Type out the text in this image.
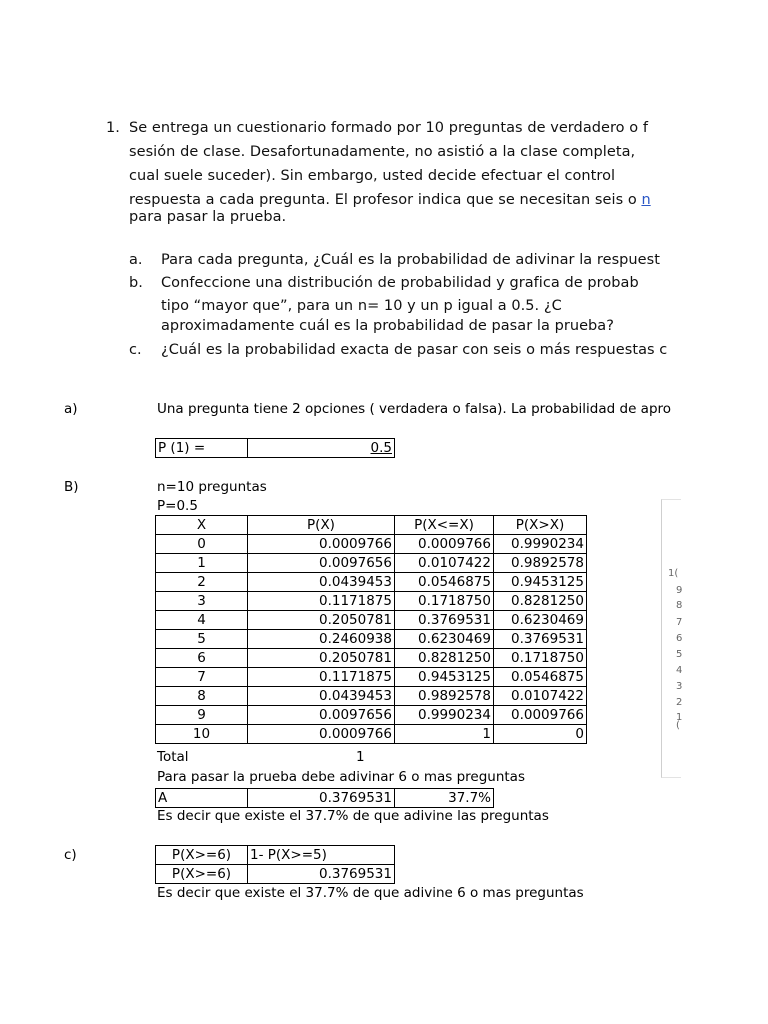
1. Se entrega un cuestionario formado por 10 preguntas de verdadero o f
sesión de clase. Desafortunadamente, no asistió a la clase completa,
cual suele suceder). Sin embargo, usted decide efectuar el control
respuesta a cada pregunta. El profesor indica que se necesitan seis o n
para pasar la prueba.
a. Para cada pregunta, ¿Cuál es la probabilidad de adivinar la respuest
b. Confeccione una distribución de probabilidad y grafica de probab
tipo “mayor que”, para un n= 10 y un p igual a 0.5. ¿C
aproximadamente cuál es la probabilidad de pasar la prueba?
c. ¿Cuál es la probabilidad exacta de pasar con seis o más respuestas c
a)	Una pregunta tiene 2 opciones ( verdadera o falsa). La probabilidad de apro
P (1) =	0.5
B)	n=10 preguntas
P=0.5
X	P(X)	P(X<=X)	P(X>X)
0	0.0009766	0.0009766	0.9990234
1	0.0097656	0.0107422	0.9892578
2	0.0439453	0.0546875	0.9453125
3	0.1171875	0.1718750	0.8281250
4	0.2050781	0.3769531	0.6230469
5	0.2460938	0.6230469	0.3769531
6	0.2050781	0.8281250	0.1718750
7	0.1171875	0.9453125	0.0546875
8	0.0439453	0.9892578	0.0107422
9	0.0097656	0.9990234	0.0009766
10	0.0009766	1	0
Total	1
Para pasar la prueba debe adivinar 6 o mas preguntas
A	0.3769531	37.7%
Es decir que existe el 37.7% de que adivine las preguntas
c)	P(X>=6)	1- P(X>=5)
P(X>=6)	0.3769531
Es decir que existe el 37.7% de que adivine 6 o mas preguntas
1(
9
8
7
6
5
4
3
2
1
(
